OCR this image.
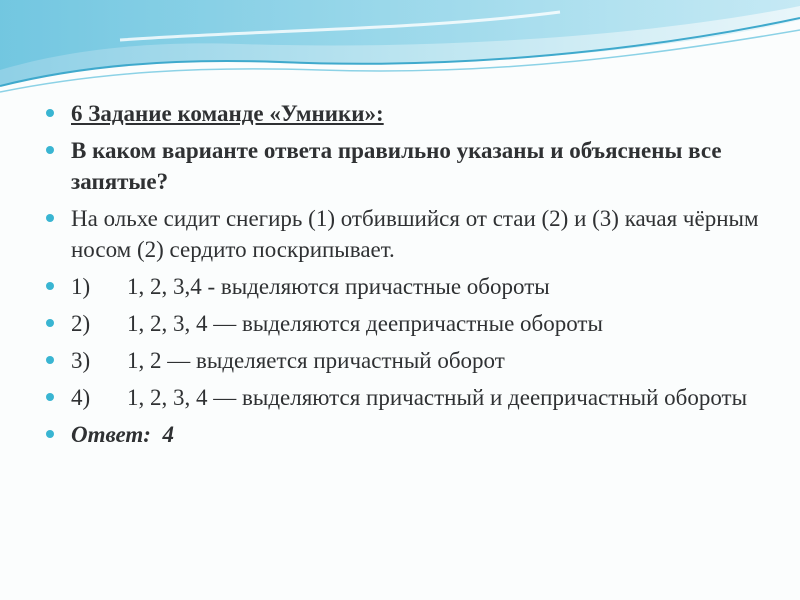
6 Задание команде «Умники»:
В каком варианте ответа правильно указаны и объяснены все запятые?
На ольхе сидит снегирь (1) отбившийся от стаи (2) и (3) качая чёрным носом (2) сердито поскрипывает.
1) 1, 2, 3,4 - выделяются причастные обороты
2) 1, 2, 3, 4 — выделяются деепричастные обороты
3) 1, 2 — выделяется причастный оборот
4) 1, 2, 3, 4 — выделяются причастный и деепричастный обороты
Ответ: 4
